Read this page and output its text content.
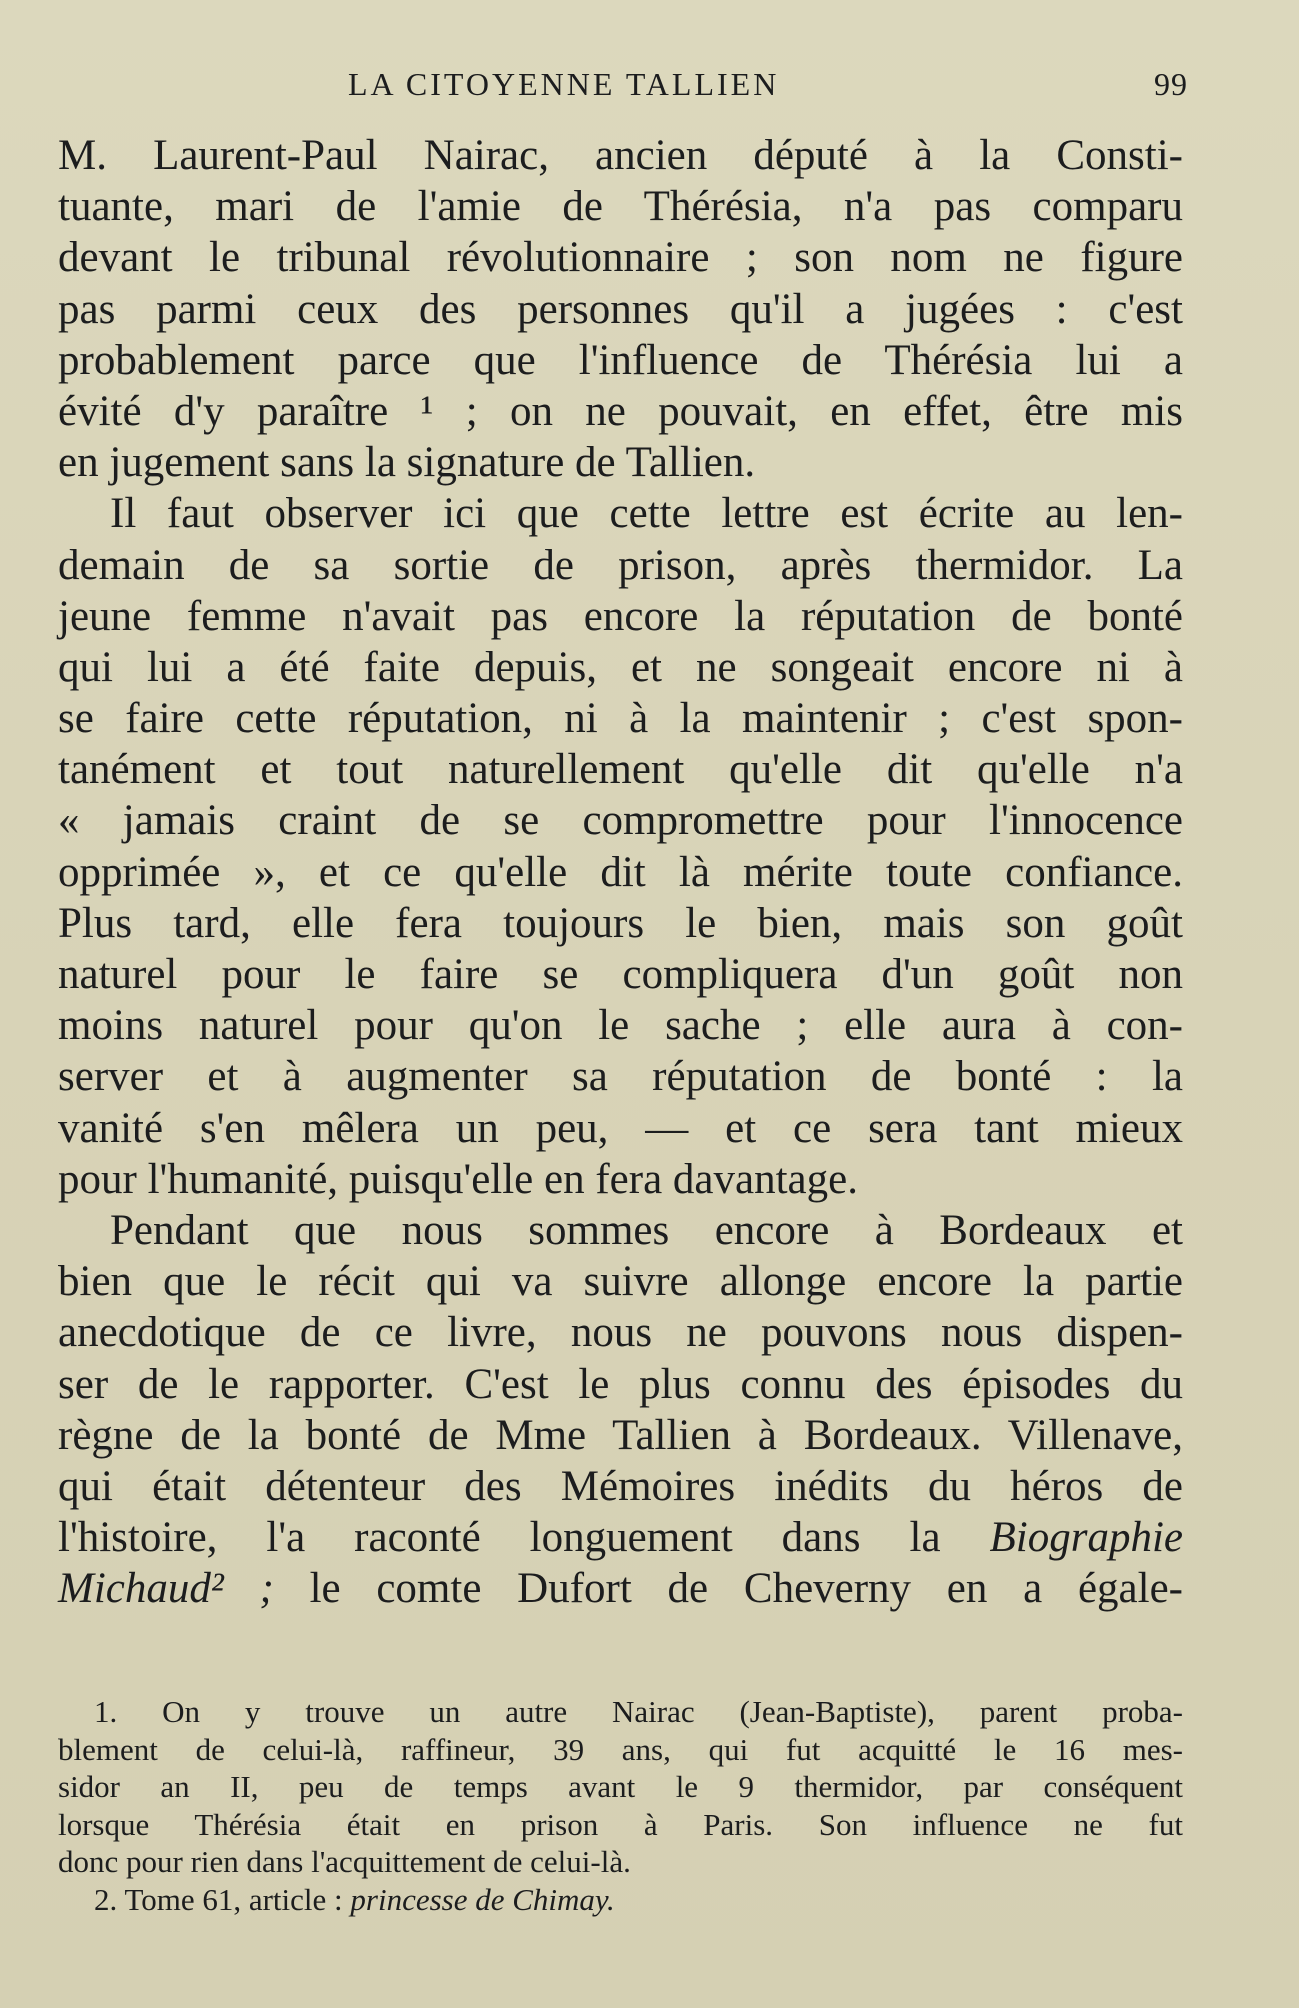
LA CITOYENNE TALLIEN	99
M. Laurent-Paul Nairac, ancien député à la Consti-
tuante, mari de l'amie de Thérésia, n'a pas comparu
devant le tribunal révolutionnaire ; son nom ne figure
pas parmi ceux des personnes qu'il a jugées : c'est
probablement parce que l'influence de Thérésia lui a
évité d'y paraître ¹ ; on ne pouvait, en effet, être mis
en jugement sans la signature de Tallien.
Il faut observer ici que cette lettre est écrite au len-
demain de sa sortie de prison, après thermidor. La
jeune femme n'avait pas encore la réputation de bonté
qui lui a été faite depuis, et ne songeait encore ni à
se faire cette réputation, ni à la maintenir ; c'est spon-
tanément et tout naturellement qu'elle dit qu'elle n'a
« jamais craint de se compromettre pour l'innocence
opprimée », et ce qu'elle dit là mérite toute confiance.
Plus tard, elle fera toujours le bien, mais son goût
naturel pour le faire se compliquera d'un goût non
moins naturel pour qu'on le sache ; elle aura à con-
server et à augmenter sa réputation de bonté : la
vanité s'en mêlera un peu, — et ce sera tant mieux
pour l'humanité, puisqu'elle en fera davantage.
Pendant que nous sommes encore à Bordeaux et
bien que le récit qui va suivre allonge encore la partie
anecdotique de ce livre, nous ne pouvons nous dispen-
ser de le rapporter. C'est le plus connu des épisodes du
règne de la bonté de Mme Tallien à Bordeaux. Villenave,
qui était détenteur des Mémoires inédits du héros de
l'histoire, l'a raconté longuement dans la Biographie
Michaud² ; le comte Dufort de Cheverny en a égale-
1. On y trouve un autre Nairac (Jean-Baptiste), parent proba-
blement de celui-là, raffineur, 39 ans, qui fut acquitté le 16 mes-
sidor an II, peu de temps avant le 9 thermidor, par conséquent
lorsque Thérésia était en prison à Paris. Son influence ne fut
donc pour rien dans l'acquittement de celui-là.
2. Tome 61, article : princesse de Chimay.
